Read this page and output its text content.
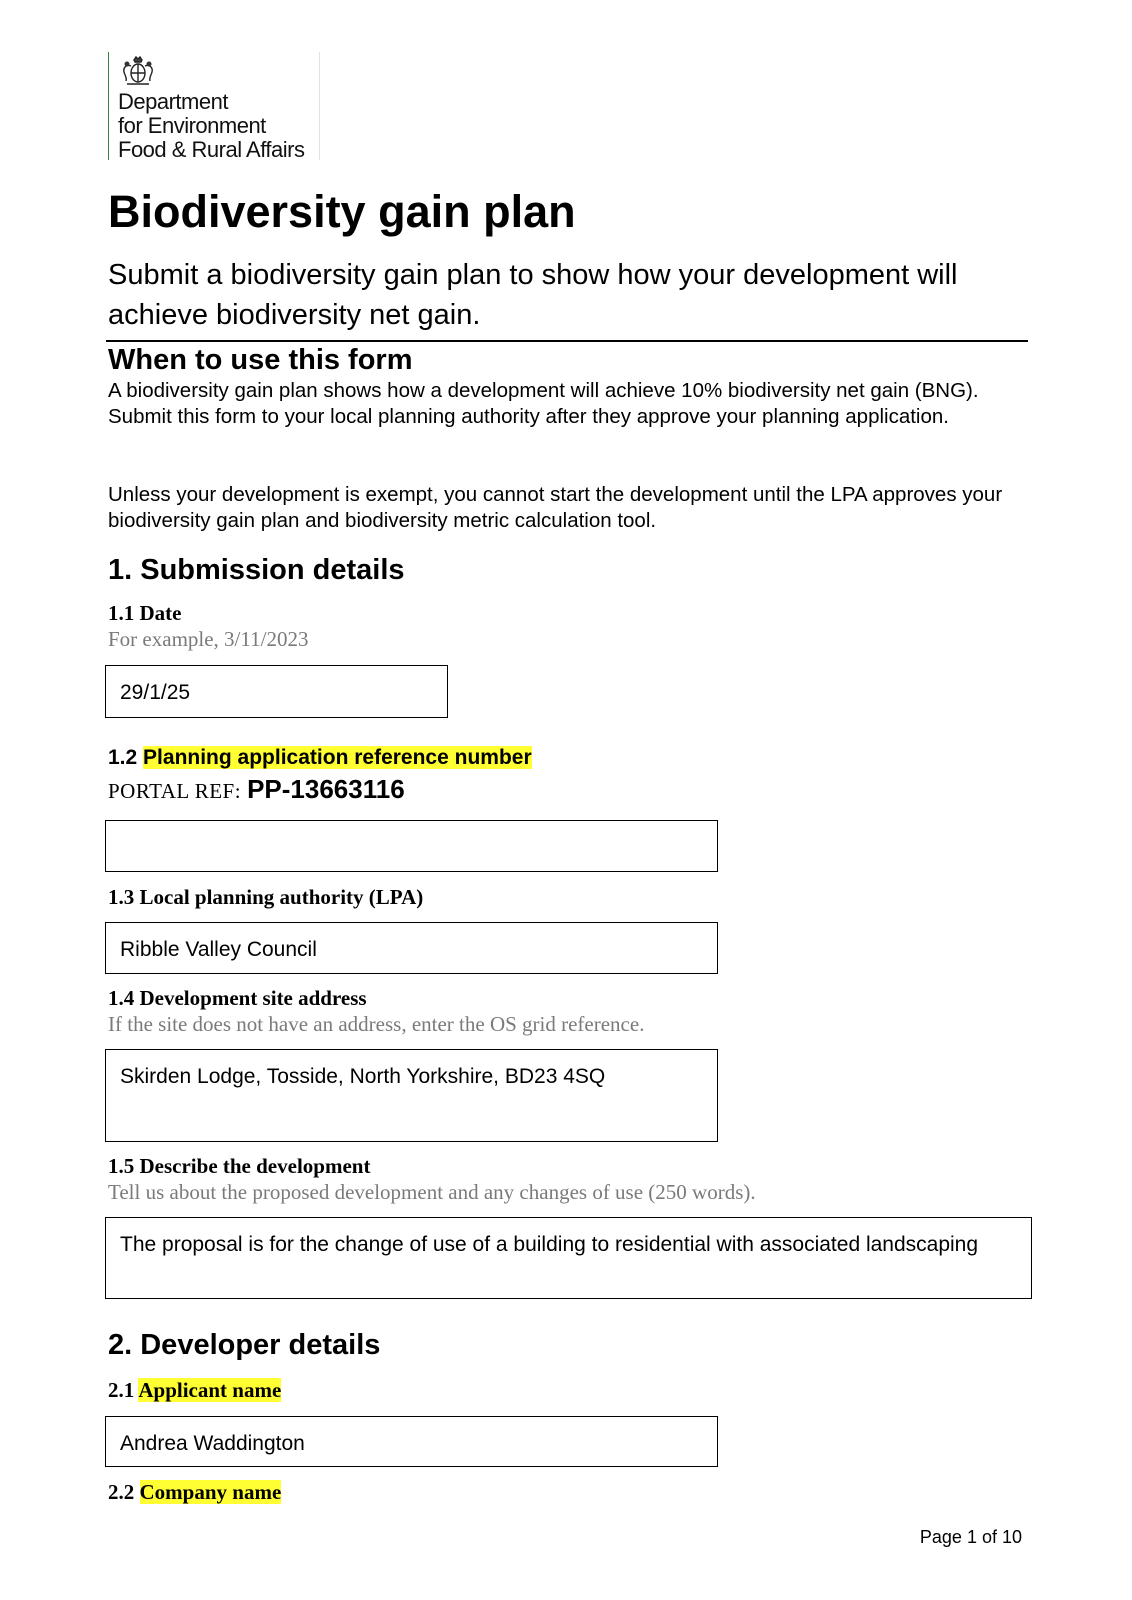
Department
for Environment
Food & Rural Affairs
Biodiversity gain plan

Submit a biodiversity gain plan to show how your development will achieve biodiversity net gain.

When to use this form

A biodiversity gain plan shows how a development will achieve 10% biodiversity net gain (BNG). Submit this form to your local planning authority after they approve your planning application.

Unless your development is exempt, you cannot start the development until the LPA approves your biodiversity gain plan and biodiversity metric calculation tool.

1. Submission details

1.1 Date

For example, 3/11/2023

29/1/25

1.2 Planning application reference number

PORTAL REF: PP-13663116

1.3 Local planning authority (LPA)

Ribble Valley Council

1.4 Development site address

If the site does not have an address, enter the OS grid reference.

Skirden Lodge, Tosside, North Yorkshire, BD23 4SQ

1.5 Describe the development

Tell us about the proposed development and any changes of use (250 words).

The proposal is for the change of use of a building to residential with associated landscaping
2. Developer details

2.1 Applicant name

Andrea Waddington

2.2 Company name

Page 1 of 10
